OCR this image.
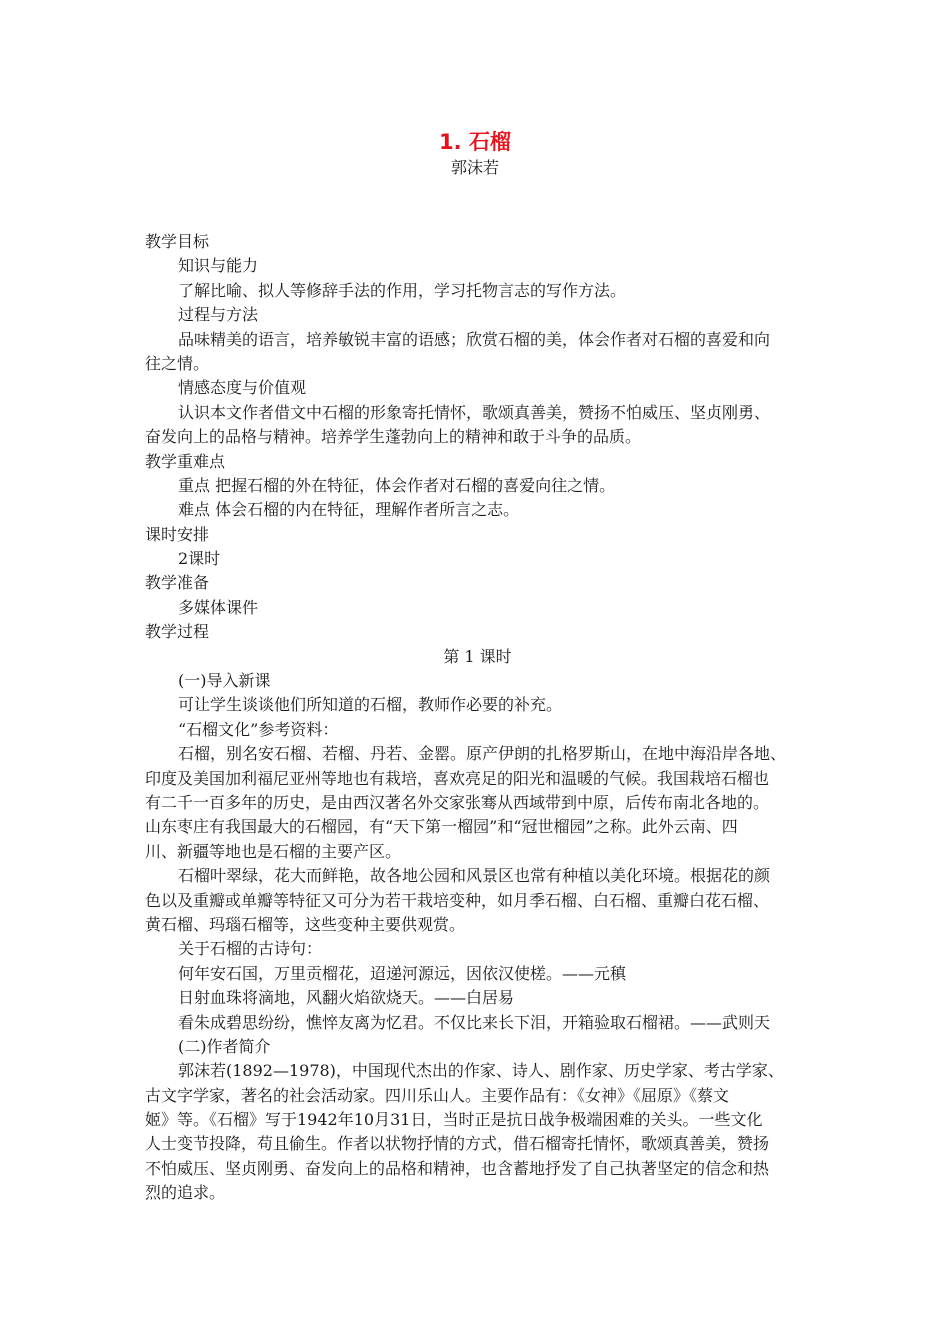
1. 石榴
郭沫若
教学目标
知识与能力
了解比喻、拟人等修辞手法的作用，学习托物言志的写作方法。
过程与方法
品味精美的语言，培养敏锐丰富的语感；欣赏石榴的美，体会作者对石榴的喜爱和向
往之情。
情感态度与价值观
认识本文作者借文中石榴的形象寄托情怀，歌颂真善美，赞扬不怕威压、坚贞刚勇、
奋发向上的品格与精神。培养学生蓬勃向上的精神和敢于斗争的品质。
教学重难点
重点 把握石榴的外在特征，体会作者对石榴的喜爱向往之情。
难点 体会石榴的内在特征，理解作者所言之志。
课时安排
2课时
教学准备
多媒体课件
教学过程
第 1 课时
(一)导入新课
可让学生谈谈他们所知道的石榴，教师作必要的补充。
“石榴文化”参考资料：
石榴，别名安石榴、若榴、丹若、金罂。原产伊朗的扎格罗斯山，在地中海沿岸各地、
印度及美国加利福尼亚州等地也有栽培，喜欢亮足的阳光和温暖的气候。我国栽培石榴也
有二千一百多年的历史，是由西汉著名外交家张骞从西域带到中原，后传布南北各地的。
山东枣庄有我国最大的石榴园，有“天下第一榴园”和“冠世榴园”之称。此外云南、四
川、新疆等地也是石榴的主要产区。
石榴叶翠绿，花大而鲜艳，故各地公园和风景区也常有种植以美化环境。根据花的颜
色以及重瓣或单瓣等特征又可分为若干栽培变种，如月季石榴、白石榴、重瓣白花石榴、
黄石榴、玛瑙石榴等，这些变种主要供观赏。
关于石榴的古诗句：
何年安石国，万里贡榴花，迢递河源远，因依汉使槎。——元稹
日射血珠将滴地，风翻火焰欲烧天。——白居易
看朱成碧思纷纷，憔悴友离为忆君。不仅比来长下泪，开箱验取石榴裙。——武则天
(二)作者简介
郭沫若(1892—1978)，中国现代杰出的作家、诗人、剧作家、历史学家、考古学家、
古文字学家，著名的社会活动家。四川乐山人。主要作品有：《女神》《屈原》《蔡文
姬》等。《石榴》写于1942年10月31日，当时正是抗日战争极端困难的关头。一些文化
人士变节投降，苟且偷生。作者以状物抒情的方式，借石榴寄托情怀，歌颂真善美，赞扬
不怕威压、坚贞刚勇、奋发向上的品格和精神，也含蓄地抒发了自己执著坚定的信念和热
烈的追求。
